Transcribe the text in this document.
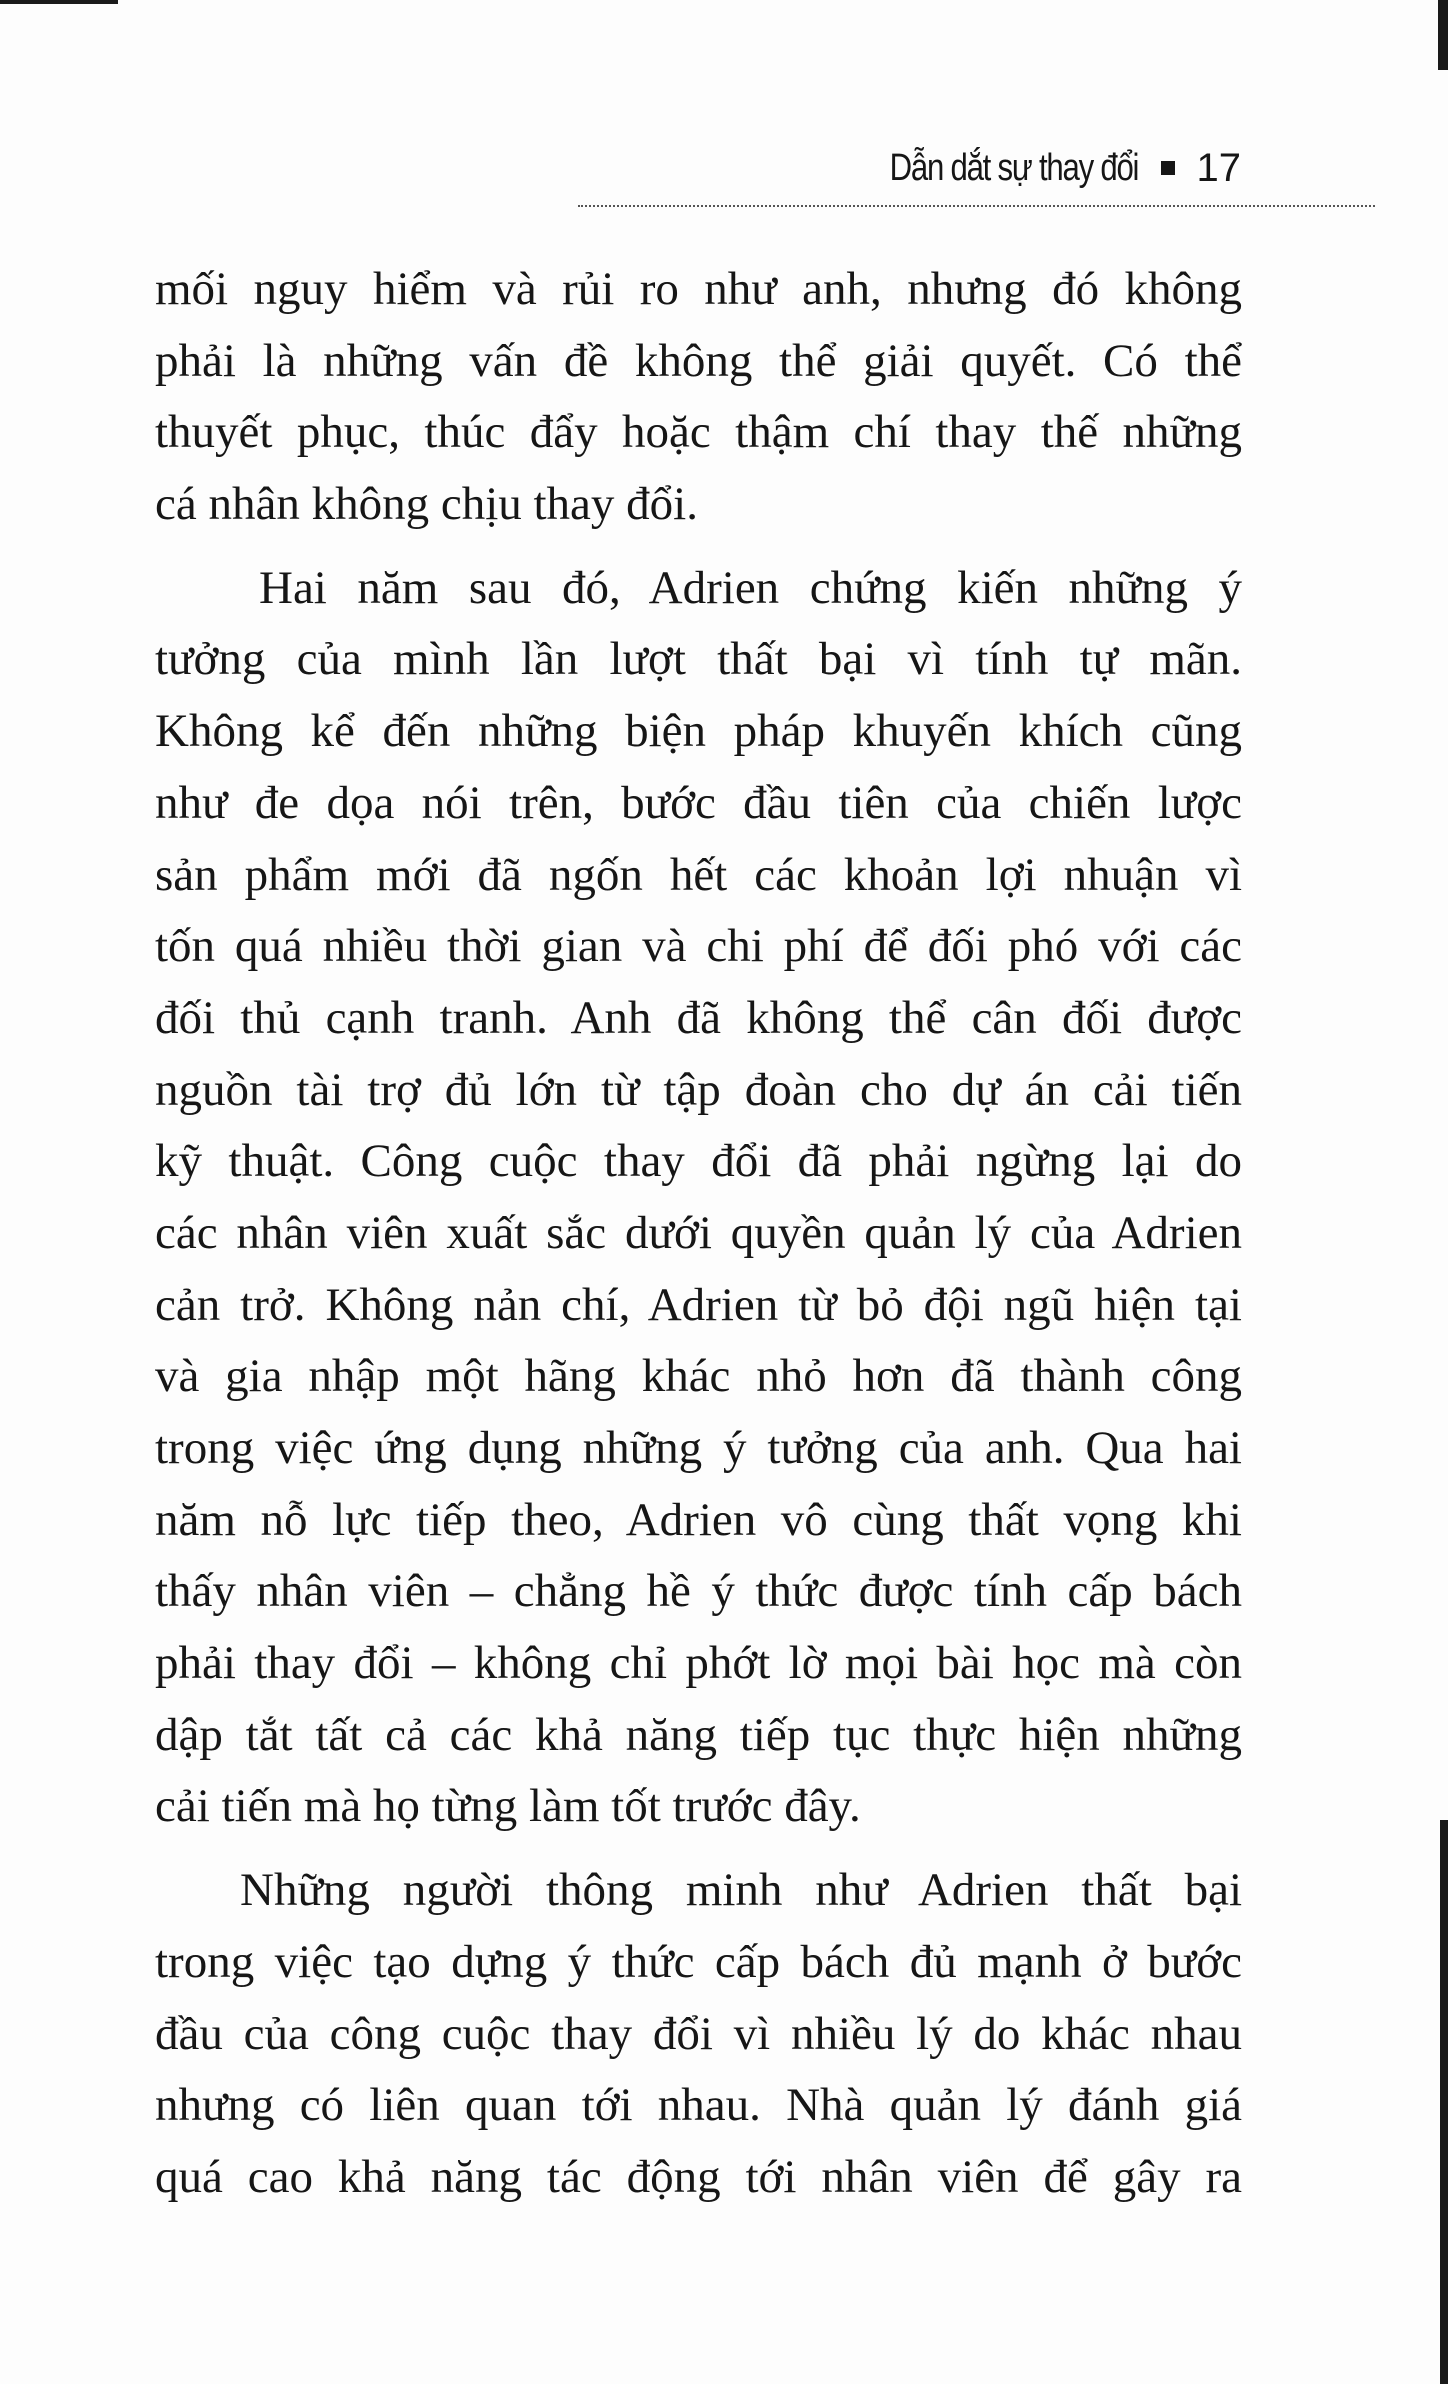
Dẫn dắt sự thay đổi 17
mối nguy hiểm và rủi ro như anh, nhưng đó không
phải là những vấn đề không thể giải quyết. Có thể
thuyết phục, thúc đẩy hoặc thậm chí thay thế những
cá nhân không chịu thay đổi.
Hai năm sau đó, Adrien chứng kiến những ý
tưởng của mình lần lượt thất bại vì tính tự mãn.
Không kể đến những biện pháp khuyến khích cũng
như đe dọa nói trên, bước đầu tiên của chiến lược
sản phẩm mới đã ngốn hết các khoản lợi nhuận vì
tốn quá nhiều thời gian và chi phí để đối phó với các
đối thủ cạnh tranh. Anh đã không thể cân đối được
nguồn tài trợ đủ lớn từ tập đoàn cho dự án cải tiến
kỹ thuật. Công cuộc thay đổi đã phải ngừng lại do
các nhân viên xuất sắc dưới quyền quản lý của Adrien
cản trở. Không nản chí, Adrien từ bỏ đội ngũ hiện tại
và gia nhập một hãng khác nhỏ hơn đã thành công
trong việc ứng dụng những ý tưởng của anh. Qua hai
năm nỗ lực tiếp theo, Adrien vô cùng thất vọng khi
thấy nhân viên – chẳng hề ý thức được tính cấp bách
phải thay đổi – không chỉ phớt lờ mọi bài học mà còn
dập tắt tất cả các khả năng tiếp tục thực hiện những
cải tiến mà họ từng làm tốt trước đây.
Những người thông minh như Adrien thất bại
trong việc tạo dựng ý thức cấp bách đủ mạnh ở bước
đầu của công cuộc thay đổi vì nhiều lý do khác nhau
nhưng có liên quan tới nhau. Nhà quản lý đánh giá
quá cao khả năng tác động tới nhân viên để gây ra
